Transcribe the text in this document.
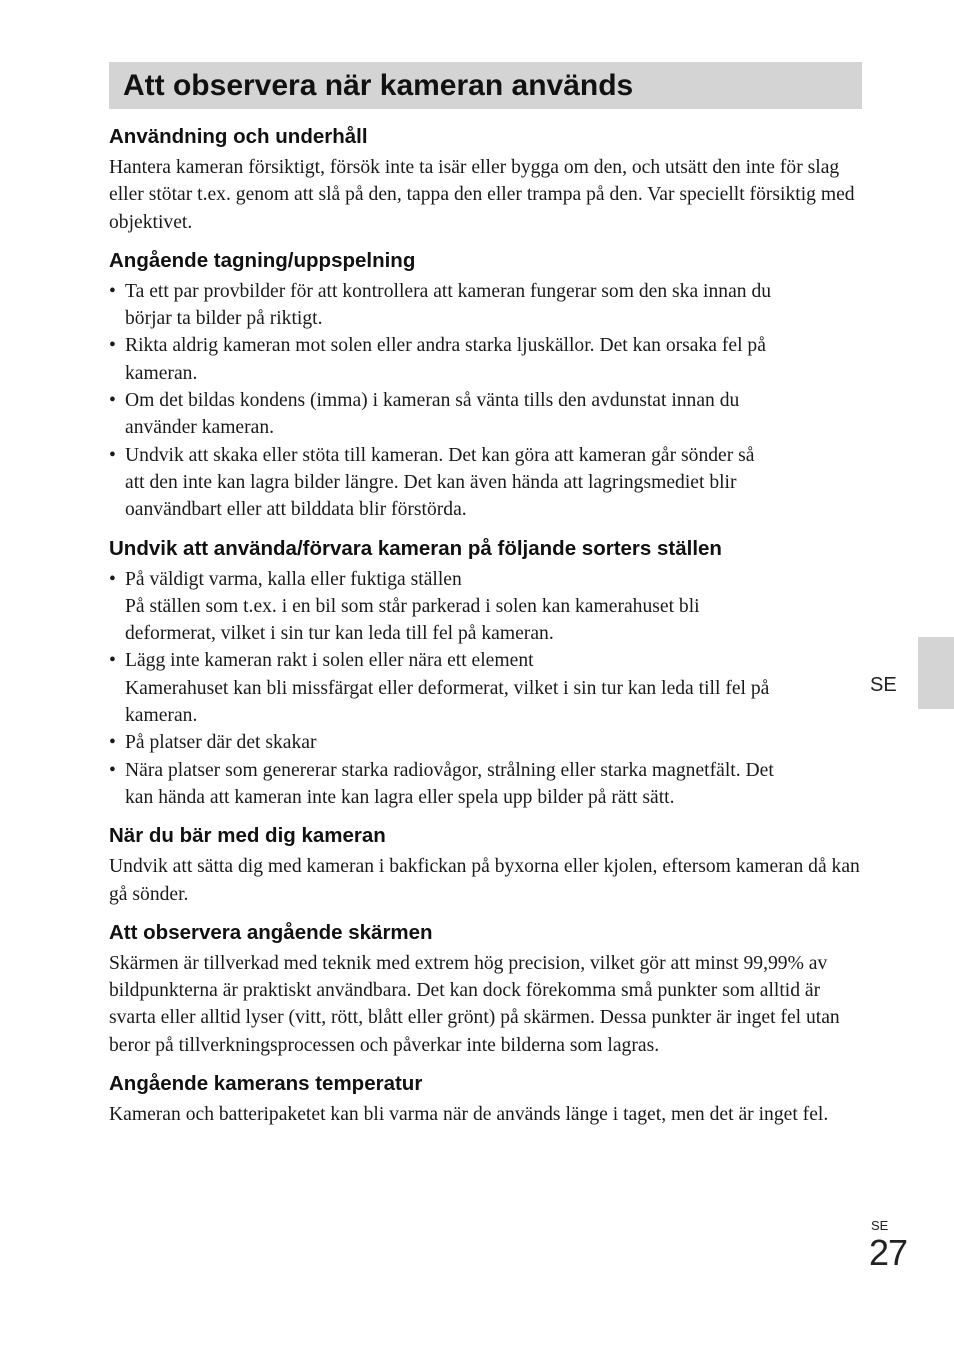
Att observera när kameran används
Användning och underhåll

Hantera kameran försiktigt, försök inte ta isär eller bygga om den, och utsätt den inte för slag eller stötar t.ex. genom att slå på den, tappa den eller trampa på den. Var speciellt försiktig med objektivet.

Angående tagning/uppspelning
• Ta ett par provbilder för att kontrollera att kameran fungerar som den ska innan du
börjar ta bilder på riktigt.
• Rikta aldrig kameran mot solen eller andra starka ljuskällor. Det kan orsaka fel på
kameran.
• Om det bildas kondens (imma) i kameran så vänta tills den avdunstat innan du
använder kameran.
• Undvik att skaka eller stöta till kameran. Det kan göra att kameran går sönder så
att den inte kan lagra bilder längre. Det kan även hända att lagringsmediet blir
oanvändbart eller att bilddata blir förstörda.
Undvik att använda/förvara kameran på följande sorters ställen
• På väldigt varma, kalla eller fuktiga ställen
På ställen som t.ex. i en bil som står parkerad i solen kan kamerahuset bli
deformerat, vilket i sin tur kan leda till fel på kameran.
• Lägg inte kameran rakt i solen eller nära ett element
Kamerahuset kan bli missfärgat eller deformerat, vilket i sin tur kan leda till fel på
kameran.
• På platser där det skakar
• Nära platser som genererar starka radiovågor, strålning eller starka magnetfält. Det
kan hända att kameran inte kan lagra eller spela upp bilder på rätt sätt.
När du bär med dig kameran

Undvik att sätta dig med kameran i bakfickan på byxorna eller kjolen, eftersom kameran då kan gå sönder.

Att observera angående skärmen

Skärmen är tillverkad med teknik med extrem hög precision, vilket gör att minst 99,99% av bildpunkterna är praktiskt användbara. Det kan dock förekomma små punkter som alltid är svarta eller alltid lyser (vitt, rött, blått eller grönt) på skärmen. Dessa punkter är inget fel utan beror på tillverkningsprocessen och påverkar inte bilderna som lagras.

Angående kamerans temperatur

Kameran och batteripaketet kan bli varma när de används länge i taget, men det är inget fel.

SE
SE
27
